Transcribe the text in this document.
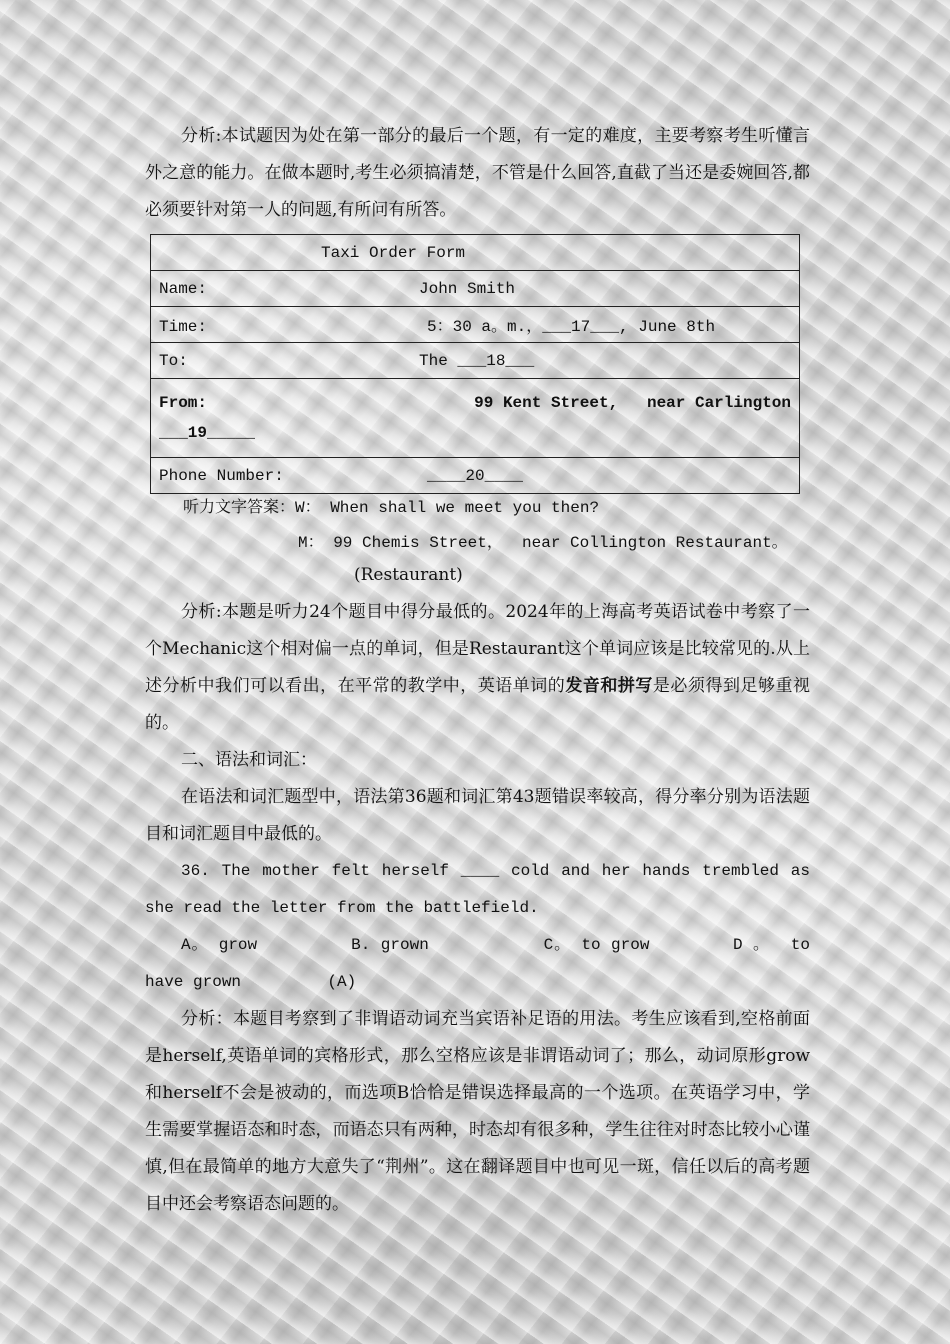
分析:本试题因为处在第一部分的最后一个题，有一定的难度，主要考察考生听懂言外之意的能力。在做本题时,考生必须搞清楚，不管是什么回答,直截了当还是委婉回答,都必须要针对第一人的问题,有所问有所答。

Taxi Order Form
Name:	John Smith
Time:	5：30 a。m.，___17___, June 8th
To:	The ___18___

From:	99 Kent Street,   near Carlington
___19_____

Phone Number:	____20____
听力文字答案：W： When shall we meet you then?
M： 99 Chemis Street，  near Collington Restaurant。
(Restaurant)

分析:本题是听力24个题目中得分最低的。2024年的上海高考英语试卷中考察了一个Mechanic这个相对偏一点的单词，但是Restaurant这个单词应该是比较常见的.从上述分析中我们可以看出，在平常的教学中，英语单词的发音和拼写是必须得到足够重视的。

二、语法和词汇：

在语法和词汇题型中，语法第36题和词汇第43题错误率较高，得分率分别为语法题目和词汇题目中最低的。

36. The mother felt herself ____ cold and her hands trembled as she read the letter from the battlefield.

A。 grow         B. grown           C。 to grow        D 。  to  have grown         (A)

分析：本题目考察到了非谓语动词充当宾语补足语的用法。考生应该看到,空格前面是herself,英语单词的宾格形式，那么空格应该是非谓语动词了；那么，动词原形grow和herself不会是被动的，而选项B恰恰是错误选择最高的一个选项。在英语学习中，学生需要掌握语态和时态，而语态只有两种，时态却有很多种，学生往往对时态比较小心谨慎,但在最简单的地方大意失了“荆州”。这在翻译题目中也可见一斑，信任以后的高考题目中还会考察语态问题的。
